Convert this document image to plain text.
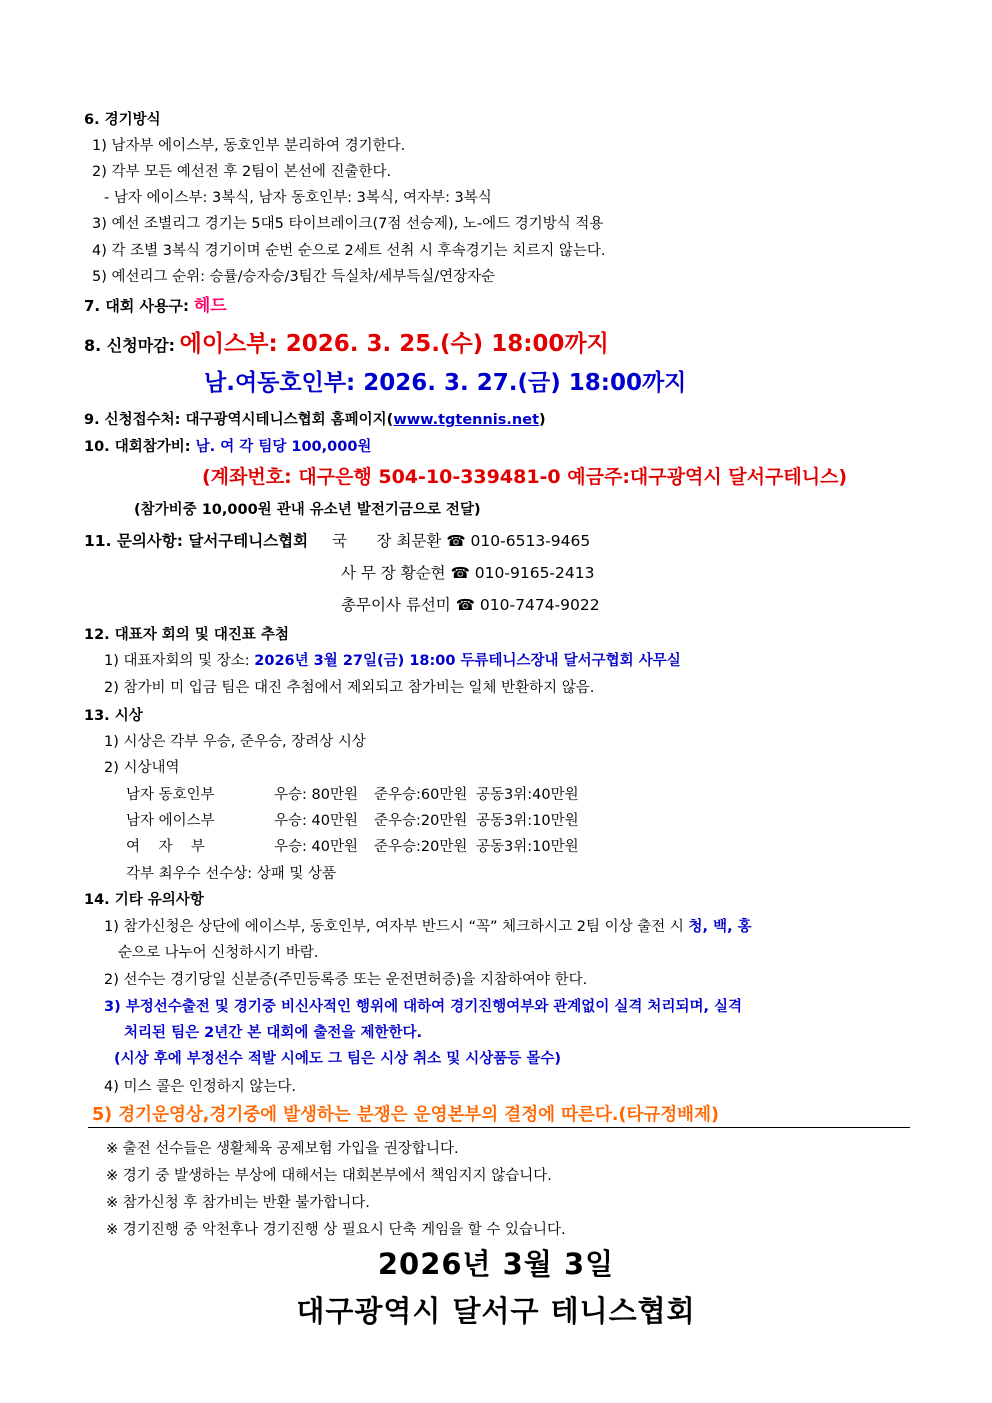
6. 경기방식
1) 남자부 에이스부, 동호인부 분리하여 경기한다.
2) 각부 모든 예선전 후 2팀이 본선에 진출한다.
- 남자 에이스부: 3복식, 남자 동호인부: 3복식, 여자부: 3복식
3) 예선 조별리그 경기는 5대5 타이브레이크(7점 선승제), 노-에드 경기방식 적용
4) 각 조별 3복식 경기이며 순번 순으로 2세트 선취 시 후속경기는 치르지 않는다.
5) 예선리그 순위: 승률/승자승/3팀간 득실차/세부득실/연장자순
7. 대회 사용구: 헤드
8. 신청마감: 에이스부: 2026. 3. 25.(수) 18:00까지
남.여동호인부: 2026. 3. 27.(금) 18:00까지
9. 신청접수처: 대구광역시테니스협회 홈페이지(www.tgtennis.net)
10. 대회참가비: 남. 여 각 팀당 100,000원
(계좌번호: 대구은행 504-10-339481-0 예금주:대구광역시 달서구테니스)
(참가비중 10,000원 관내 유소년 발전기금으로 전달)
11. 문의사항: 달서구테니스협회 국      장 최문환 ☎ 010-6513-9465
사 무 장 황순현 ☎ 010-9165-2413
총무이사 류선미 ☎ 010-7474-9022
12. 대표자 회의 및 대진표 추첨
1) 대표자회의 및 장소: 2026년 3월 27일(금) 18:00 두류테니스장내 달서구협회 사무실
2) 참가비 미 입금 팀은 대진 추첨에서 제외되고 참가비는 일체 반환하지 않음.
13. 시상
1) 시상은 각부 우승, 준우승, 장려상 시상
2) 시상내역
남자 동호인부	우승: 80만원 준우승:60만원 공동3위:40만원
남자 에이스부	우승: 40만원 준우승:20만원 공동3위:10만원
여    자    부	우승: 40만원 준우승:20만원 공동3위:10만원
각부 최우수 선수상: 상패 및 상품
14. 기타 유의사항
1) 참가신청은 상단에 에이스부, 동호인부, 여자부 반드시 “꼭” 체크하시고 2팀 이상 출전 시 청, 백, 홍
순으로 나누어 신청하시기 바람.
2) 선수는 경기당일 신분증(주민등록증 또는 운전면허증)을 지참하여야 한다.
3) 부정선수출전 및 경기중 비신사적인 행위에 대하여 경기진행여부와 관계없이 실격 처리되며, 실격
처리된 팀은 2년간 본 대회에 출전을 제한한다.
(시상 후에 부정선수 적발 시에도 그 팀은 시상 취소 및 시상품등 몰수)
4) 미스 콜은 인정하지 않는다.
5) 경기운영상,경기중에 발생하는 분쟁은 운영본부의 결정에 따른다.(타규정배제)
※ 출전 선수들은 생활체육 공제보험 가입을 권장합니다.
※ 경기 중 발생하는 부상에 대해서는 대회본부에서 책임지지 않습니다.
※ 참가신청 후 참가비는 반환 불가합니다.
※ 경기진행 중 악천후나 경기진행 상 필요시 단축 게임을 할 수 있습니다.
2026년 3월 3일
대구광역시 달서구 테니스협회
